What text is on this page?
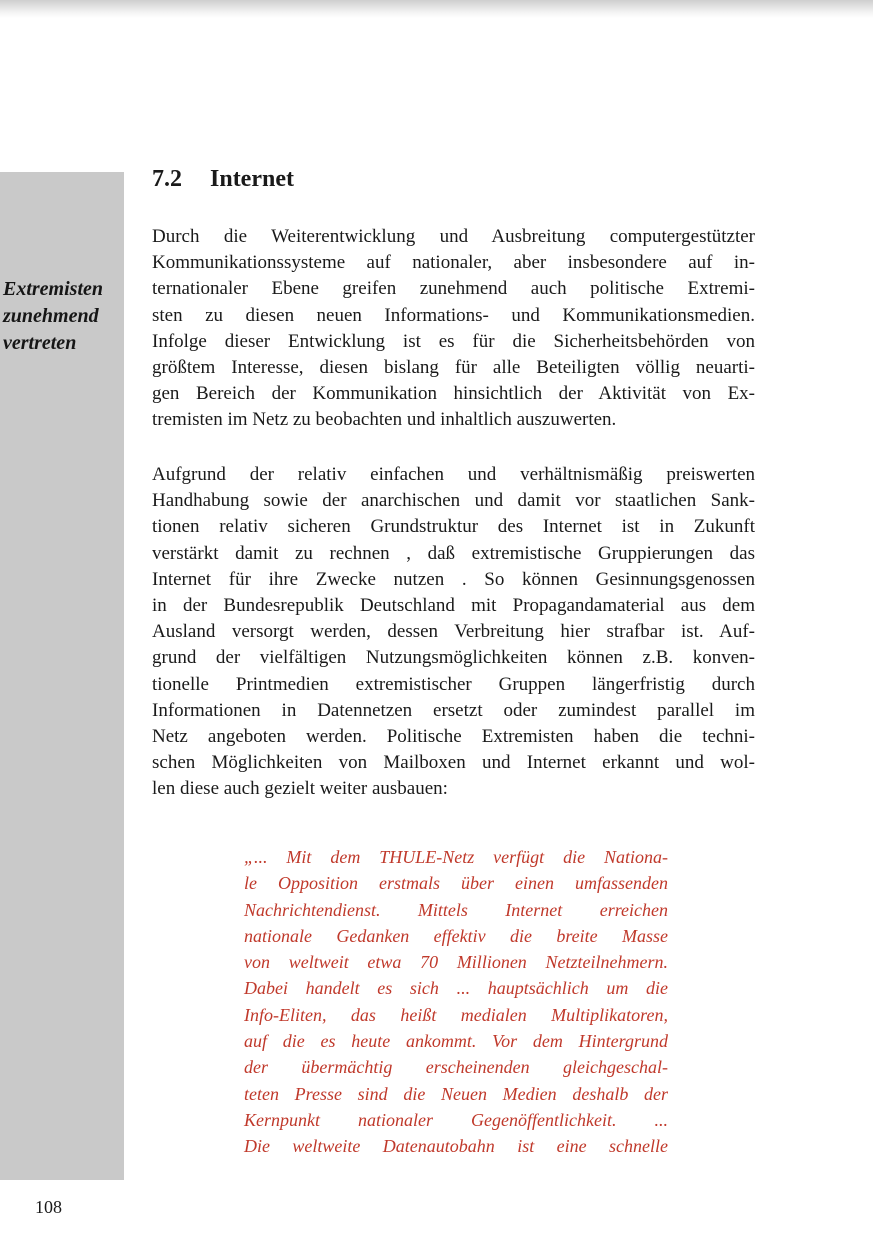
Extremisten
zunehmend
vertreten
7.2 Internet

Durch die Weiterentwicklung und Ausbreitung computergestützter
Kommunikationssysteme auf nationaler, aber insbesondere auf in-
ternationaler Ebene greifen zunehmend auch politische Extremi-
sten zu diesen neuen Informations- und Kommunikationsmedien.
Infolge dieser Entwicklung ist es für die Sicherheitsbehörden von
größtem Interesse, diesen bislang für alle Beteiligten völlig neuarti-
gen Bereich der Kommunikation hinsichtlich der Aktivität von Ex-
tremisten im Netz zu beobachten und inhaltlich auszuwerten.

Aufgrund der relativ einfachen und verhältnismäßig preiswerten
Handhabung sowie der anarchischen und damit vor staatlichen Sank-
tionen relativ sicheren Grundstruktur des Internet ist in Zukunft
verstärkt damit zu rechnen , daß extremistische Gruppierungen das
Internet für ihre Zwecke nutzen . So können Gesinnungsgenossen
in der Bundesrepublik Deutschland mit Propagandamaterial aus dem
Ausland versorgt werden, dessen Verbreitung hier strafbar ist. Auf-
grund der vielfältigen Nutzungsmöglichkeiten können z.B. konven-
tionelle Printmedien extremistischer Gruppen längerfristig durch
Informationen in Datennetzen ersetzt oder zumindest parallel im
Netz angeboten werden. Politische Extremisten haben die techni-
schen Möglichkeiten von Mailboxen und Internet erkannt und wol-
len diese auch gezielt weiter ausbauen:

„... Mit dem THULE-Netz verfügt die Nationa-
le Opposition erstmals über einen umfassenden
Nachrichtendienst. Mittels Internet erreichen
nationale Gedanken effektiv die breite Masse
von weltweit etwa 70 Millionen Netzteilnehmern.
Dabei handelt es sich ... hauptsächlich um die
Info-Eliten, das heißt medialen Multiplikatoren,
auf die es heute ankommt. Vor dem Hintergrund
der übermächtig erscheinenden gleichgeschal-
teten Presse sind die Neuen Medien deshalb der
Kernpunkt nationaler Gegenöffentlichkeit. ...
Die weltweite Datenautobahn ist eine schnelle
108
